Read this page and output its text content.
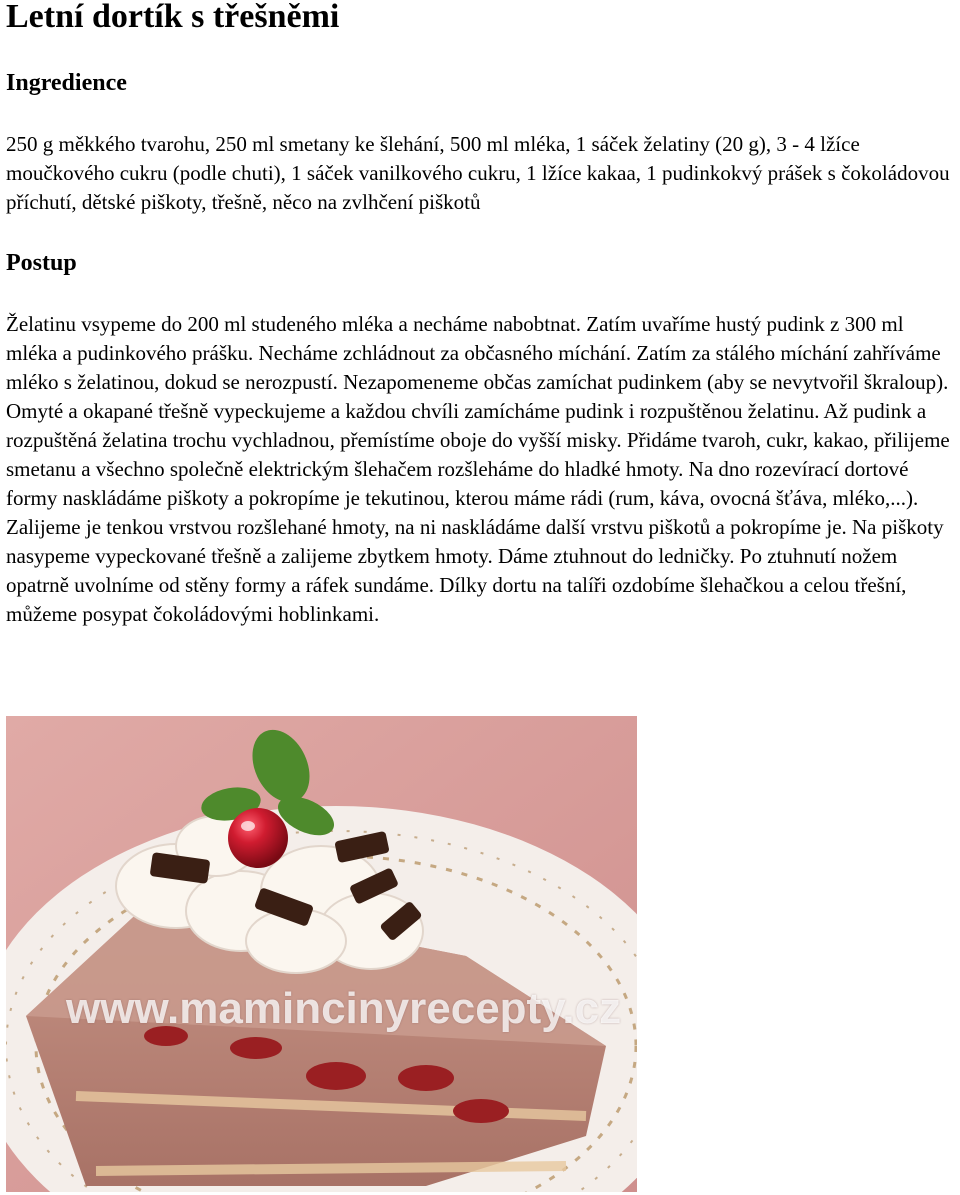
Letní dortík s třešněmi
Ingredience

250 g měkkého tvarohu, 250 ml smetany ke šlehání, 500 ml mléka, 1 sáček želatiny (20 g), 3 - 4 lžíce moučkového cukru (podle chuti), 1 sáček vanilkového cukru, 1 lžíce kakaa, 1 pudinkokvý prášek s čokoládovou příchutí, dětské piškoty, třešně, něco na zvlhčení piškotů

Postup

Želatinu vsypeme do 200 ml studeného mléka a necháme nabobtnat. Zatím uvaříme hustý pudink z 300 ml mléka a pudinkového prášku. Necháme zchládnout za občasného míchání. Zatím za stálého míchání zahříváme mléko s želatinou, dokud se nerozpustí. Nezapomeneme občas zamíchat pudinkem (aby se nevytvořil škraloup). Omyté a okapané třešně vypeckujeme a každou chvíli zamícháme pudink i rozpuštěnou želatinu. Až pudink a rozpuštěná želatina trochu vychladnou, přemístíme oboje do vyšší misky. Přidáme tvaroh, cukr, kakao, přilijeme smetanu a všechno společně elektrickým šlehačem rozšleháme do hladké hmoty. Na dno rozevírací dortové formy naskládáme piškoty a pokropíme je tekutinou, kterou máme rádi (rum, káva, ovocná šťáva, mléko,...). Zalijeme je tenkou vrstvou rozšlehané hmoty, na ni naskládáme další vrstvu piškotů a pokropíme je. Na piškoty nasypeme vypeckované třešně a zalijeme zbytkem hmoty. Dáme ztuhnout do ledničky. Po ztuhnutí nožem opatrně uvolníme od stěny formy a ráfek sundáme. Dílky dortu na talíři ozdobíme šlehačkou a celou třešní, můžeme posypat čokoládovými hoblinkami.

www.mamincinyrecepty.cz
